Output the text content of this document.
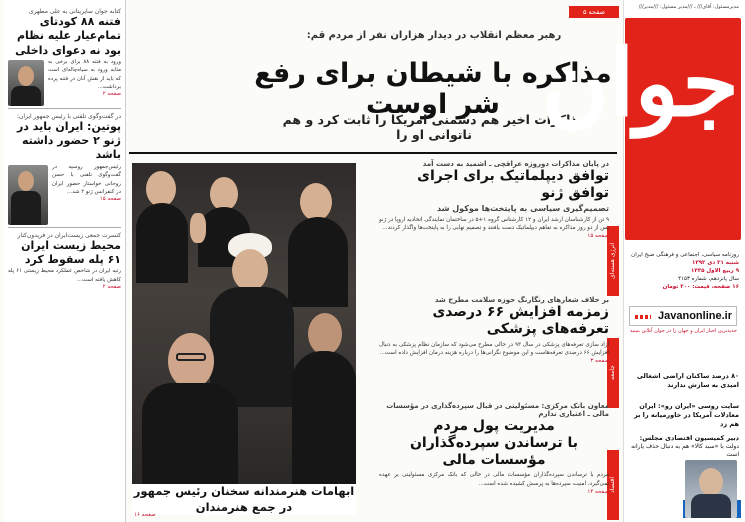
کتابه جوان ساپریتانی به علی مطهری
فتنه ۸۸ کودتای تمام‌عیار علیه نظام بود نه دعوای داخلی
ورود به فتنه ۸۸ برای برخی به مثابه ورود به سیاه‌چاله‌ای است که باید از نقش آنان در فتنه پرده برداشت...
صفحه ۲
در گفت‌وگوی تلفنی با رئیس جمهور ایران:
پوتین: ایران باید در ژنو ۲ حضور داشته باشد
رئیس‌جمهور روسیه در گفت‌وگوی تلفنی با حسن روحانی خواستار حضور ایران در کنفرانس ژنو ۲ شد...
صفحه ۱۵
کنسرت جمعی زیست‌ایران در فریدون‌کنار
محیط زیست ایران ۶۱ پله سقوط کرد
رتبه ایران در شاخص عملکرد محیط زیستی ۶۱ پله کاهش یافته است...
صفحه ۲
صفحه ۵
رهبر معظم انقلاب در دیدار هزاران نفر از مردم قم:
مذاکره با شیطان برای رفع شر اوست
مذاکرات اخیر هم دشمنی امریکا را ثابت کرد و هم ناتوانی او را
انرژی هسته‌ای
در پایان مذاکرات دوروزه عراقچی ـ اشمید به دست آمد
توافق دیپلماتیک برای اجرای توافق ژنو
تصمیم‌گیری سیاسی به پایتخت‌ها موکول شد
۹ تن از کارشناسان ارشد ایران و ۱۲ کارشناس گروه ۱+۵ در ساختمان نمایندگی اتحادیه اروپا در ژنو پس از دو روز مذاکره به تفاهم دیپلماتیک دست یافتند و تصمیم نهایی را به پایتخت‌ها واگذار کردند...
صفحه ۱۵
جامعه
بر خلاف شعارهای رنگارنگ حوزه سلامت مطرح شد
زمزمه افزایش ۶۶ درصدی تعرفه‌های پزشکی
آزاد سازی تعرفه‌های پزشکی در سال ۹۳ در حالی مطرح می‌شود که سازمان نظام پزشکی به دنبال افزایش ۶۶ درصدی تعرفه‌هاست و این موضوع نگرانی‌ها را درباره هزینه درمان افزایش داده است...
صفحه ۳
اقتصاد
معاون بانک مرکزی: مسئولیتی در قبال سپرده‌گذاری در مؤسسات مالی ـ اعتباری ندارم
مدیریت پول مردم
با ترساندن سپرده‌گذاران مؤسسات مالی
مردم با ترساندن سپرده‌گذاران مؤسسات مالی در حالی که بانک مرکزی مسئولیتی بر عهده نمی‌گیرد، امنیت سپرده‌ها به پرسش کشیده شده است...
صفحه ۱۴
ابهامات هنرمندانه سخنان رئیس جمهور در جمع هنرمندان
صفحه ۱۶
مدیرمسئول: آقای/// ـ ///مدیر مسئول: ///مدیر///
جوان
روزنامه سیاسی، اجتماعی و فرهنگی صبح ایران
شنبه ۲۱ دی ۱۳۹۲
۹ ربیع الاول ۱۴۳۵
سال پانزدهم، شماره ۴۱۵۳
۱۶ صفحه، قیمت: ۲۰۰ تومان
Javanonline.ir
جدیدترین اخبار ایران و جهان را در جوان آنلاین ببینید
۸۰ درصد ساکنان اراضی اشغالی امیدی به سازش ندارند
سایت روسی «ایران رو»: ایران معادلات آمریکا در خاورمیانه را بر هم زد
دبیر کمیسیون اقتصادی مجلس:
دولت با «سبد کالا» هم به دنبال حذف یارانه است
